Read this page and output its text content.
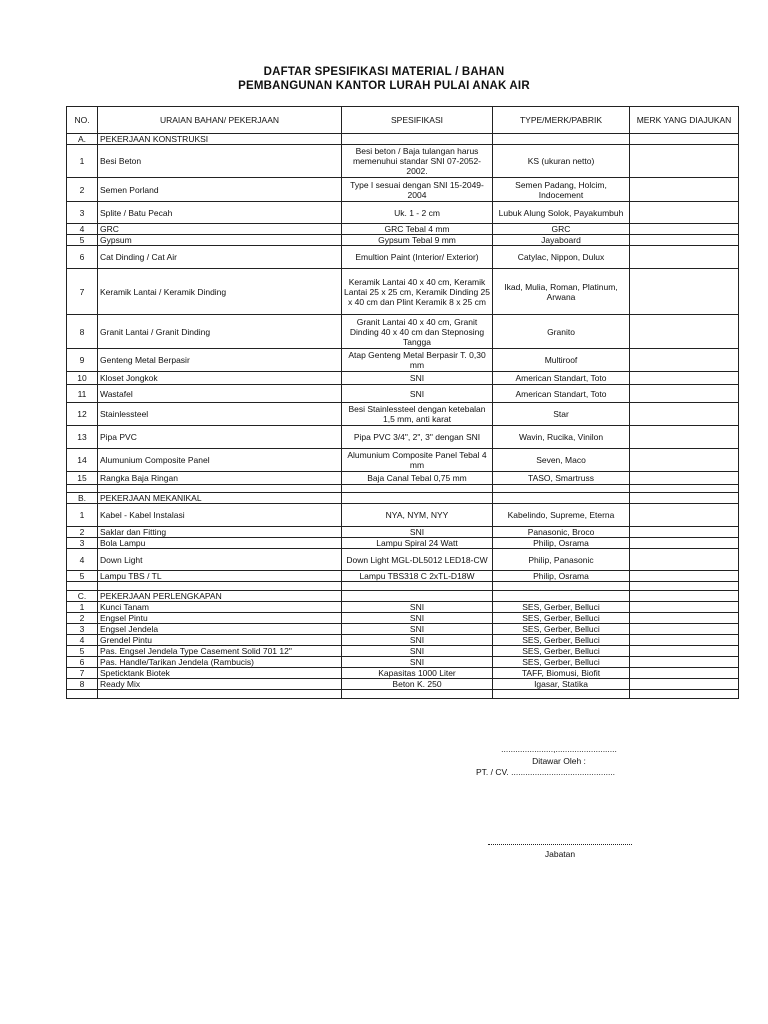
DAFTAR SPESIFIKASI MATERIAL / BAHAN
PEMBANGUNAN KANTOR LURAH PULAI ANAK AIR
NO.	URAIAN BAHAN/ PEKERJAAN	SPESIFIKASI	TYPE/MERK/PABRIK	MERK YANG DIAJUKAN
A.	PEKERJAAN KONSTRUKSI			
1	Besi Beton	Besi beton / Baja tulangan harus memenuhui standar SNI 07-2052-2002.	KS (ukuran netto)	
2	Semen Porland	Type I sesuai dengan SNI 15-2049-2004	Semen Padang, Holcim, Indocement	
3	Splite / Batu Pecah	Uk. 1 - 2 cm	Lubuk Alung Solok, Payakumbuh	
4	GRC	GRC Tebal 4 mm	GRC	
5	Gypsum	Gypsum Tebal 9 mm	Jayaboard	
6	Cat Dinding / Cat Air	Emultion Paint (Interior/ Exterior)	Catylac, Nippon, Dulux	
7	Keramik Lantai / Keramik Dinding	Keramik Lantai 40 x 40 cm, Keramik Lantai 25 x 25 cm, Keramik Dinding 25 x 40 cm dan Plint Keramik 8 x 25 cm	Ikad, Mulia, Roman, Platinum, Arwana	
8	Granit Lantai / Granit Dinding	Granit Lantai 40 x 40 cm, Granit Dinding 40 x 40 cm dan Stepnosing Tangga	Granito	
9	Genteng Metal Berpasir	Atap Genteng Metal Berpasir T. 0,30 mm	Multiroof	
10	Kloset Jongkok	SNI	American Standart, Toto	
11	Wastafel	SNI	American Standart, Toto	
12	Stainlessteel	Besi Stainlessteel dengan ketebalan 1,5 mm, anti karat	Star	
13	Pipa PVC	Pipa PVC 3/4", 2", 3" dengan SNI	Wavin, Rucika, Vinilon	
14	Alumunium Composite Panel	Alumunium Composite Panel Tebal 4 mm	Seven, Maco	
15	Rangka Baja Ringan	Baja Canal Tebal 0,75 mm	TASO, Smartruss	

B.	PEKERJAAN MEKANIKAL			
1	Kabel - Kabel Instalasi	NYA, NYM, NYY	Kabelindo, Supreme, Eterna	
2	Saklar dan Fitting	SNI	Panasonic, Broco	
3	Bola Lampu	Lampu Spiral 24 Watt	Philip, Osrama	
4	Down Light	Down Light MGL-DL5012 LED18-CW	Philip, Panasonic	
5	Lampu TBS / TL	Lampu TBS318 C 2xTL-D18W	Philip, Osrama	

C.	PEKERJAAN PERLENGKAPAN			
1	Kunci Tanam	SNI	SES, Gerber, Belluci	
2	Engsel Pintu	SNI	SES, Gerber, Belluci	
3	Engsel Jendela	SNI	SES, Gerber, Belluci	
4	Grendel Pintu	SNI	SES, Gerber, Belluci	
5	Pas. Engsel Jendela Type Casement Solid 701 12"	SNI	SES, Gerber, Belluci	
6	Pas. Handle/Tarikan Jendela (Rambucis)	SNI	SES, Gerber, Belluci	
7	Speticktank Biotek	Kapasitas 1000 Liter	TAFF, Biomusi, Biofit	
8	Ready Mix	Beton K. 250	Igasar, Statika	

......................,..........................
Ditawar Oleh :
PT. / CV. ............................................
Jabatan
